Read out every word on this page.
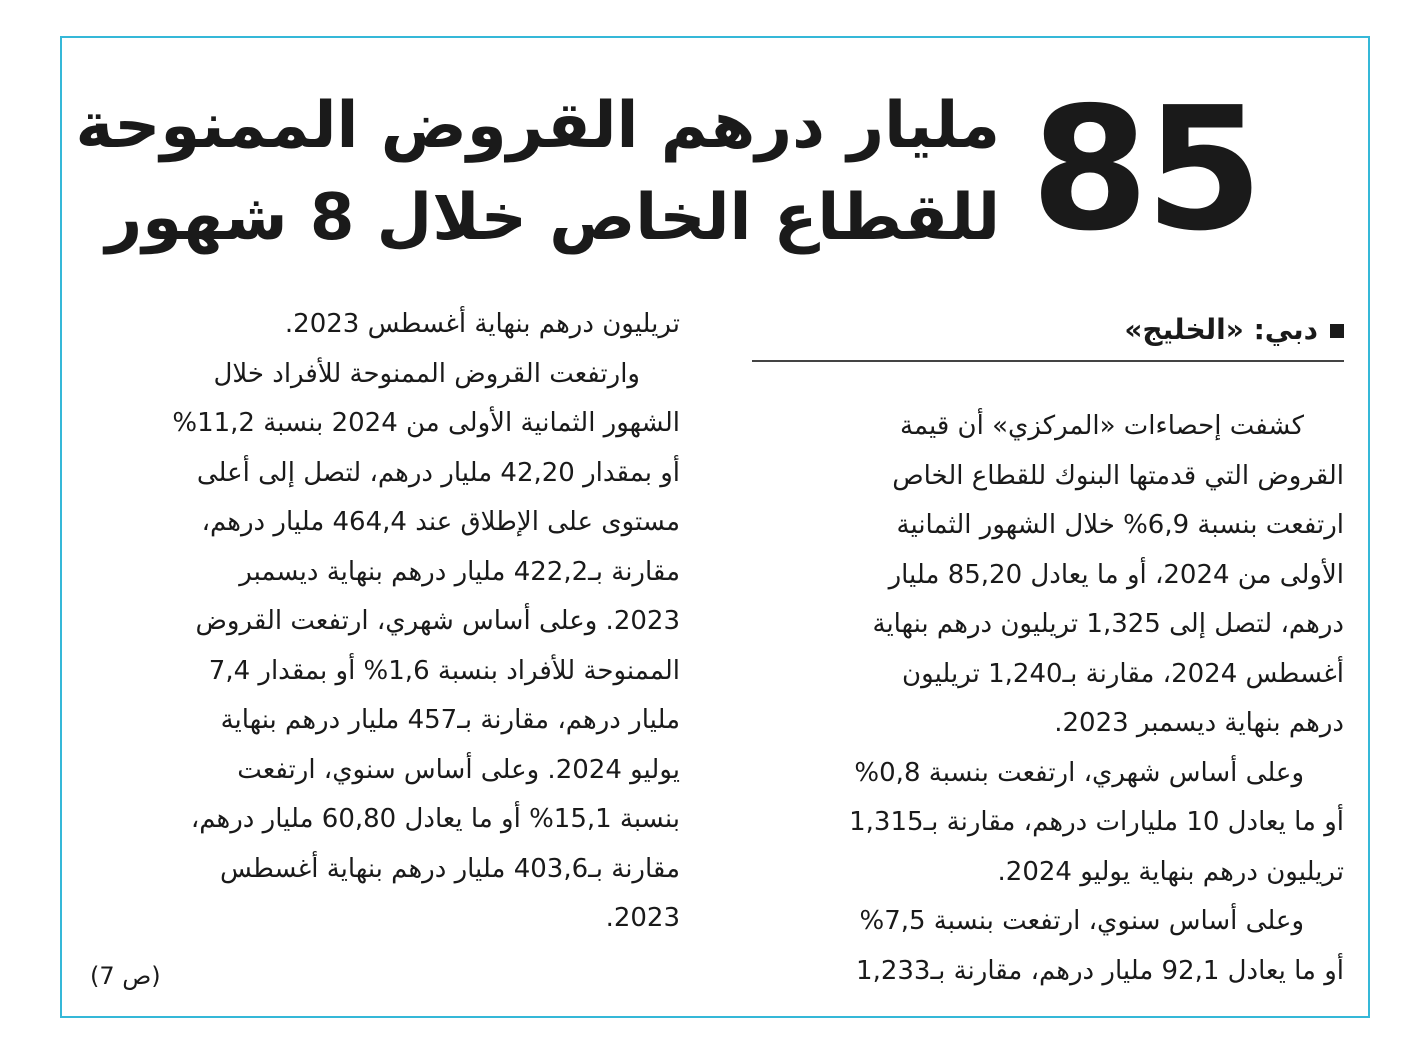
85
مليار درهم القروض الممنوحة
للقطاع الخاص خلال 8 شهور
دبي: «الخليج»
كشفت إحصاءات «المركزي» أن قيمة
القروض التي قدمتها البنوك للقطاع الخاص
ارتفعت بنسبة 6,9% خلال الشهور الثمانية
الأولى من 2024، أو ما يعادل 85,20 مليار
درهم، لتصل إلى 1,325 تريليون درهم بنهاية
أغسطس 2024، مقارنة بـ1,240 تريليون
درهم بنهاية ديسمبر 2023.
وعلى أساس شهري، ارتفعت بنسبة 0,8%
أو ما يعادل 10 مليارات درهم، مقارنة بـ1,315
تريليون درهم بنهاية يوليو 2024.
وعلى أساس سنوي، ارتفعت بنسبة 7,5%
أو ما يعادل 92,1 مليار درهم، مقارنة بـ1,233
تريليون درهم بنهاية أغسطس 2023.
وارتفعت القروض الممنوحة للأفراد خلال
الشهور الثمانية الأولى من 2024 بنسبة 11,2%
أو بمقدار 42,20 مليار درهم، لتصل إلى أعلى
مستوى على الإطلاق عند 464,4 مليار درهم،
مقارنة بـ422,2 مليار درهم بنهاية ديسمبر
2023. وعلى أساس شهري، ارتفعت القروض
الممنوحة للأفراد بنسبة 1,6% أو بمقدار 7,4
مليار درهم، مقارنة بـ457 مليار درهم بنهاية
يوليو 2024. وعلى أساس سنوي، ارتفعت
بنسبة 15,1% أو ما يعادل 60,80 مليار درهم،
مقارنة بـ403,6 مليار درهم بنهاية أغسطس
2023.
(ص 7)
